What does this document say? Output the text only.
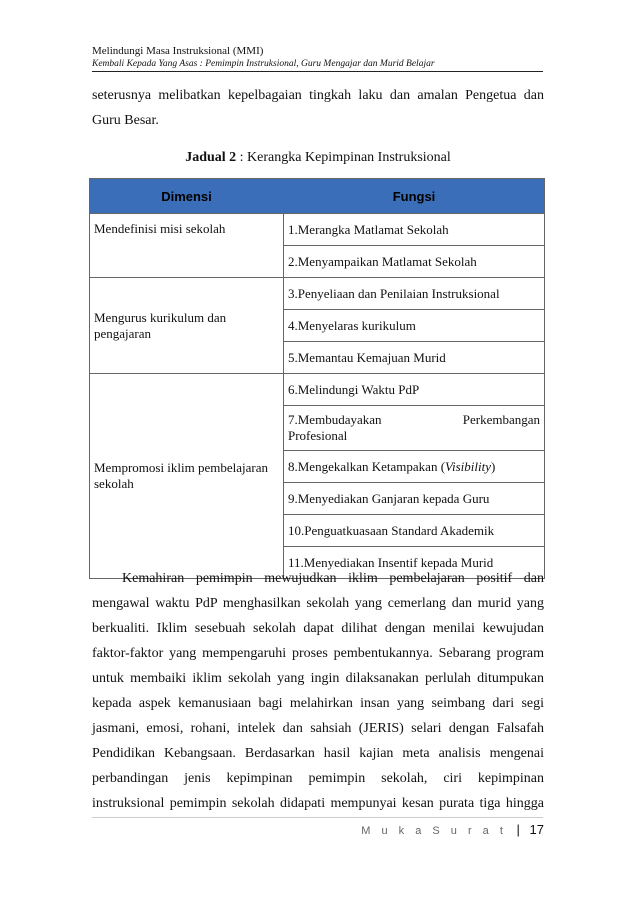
Melindungi Masa Instruksional (MMI)
Kembali Kepada Yang Asas : Pemimpin Instruksional, Guru Mengajar dan Murid Belajar
seterusnya melibatkan kepelbagaian tingkah laku dan amalan Pengetua dan
Guru Besar.
Jadual 2 : Kerangka Kepimpinan Instruksional
Dimensi	Fungsi
Mendefinisi misi sekolah	1.Merangka Matlamat Sekolah
	2.Menyampaikan Matlamat Sekolah
Mengurus kurikulum dan pengajaran	3.Penyeliaan dan Penilaian Instruksional
	4.Menyelaras kurikulum
	5.Memantau Kemajuan Murid
Mempromosi iklim pembelajaran sekolah	6.Melindungi Waktu PdP

	7.Membudayakan Perkembangan
Profesional

	8.Mengekalkan Ketampakan (Visibility)
	9.Menyediakan Ganjaran kepada Guru
	10.Penguatkuasaan Standard Akademik
	11.Menyediakan Insentif kepada Murid
Kemahiran pemimpin mewujudkan iklim pembelajaran positif dan
mengawal waktu PdP menghasilkan sekolah yang cemerlang dan murid yang
berkualiti. Iklim sesebuah sekolah dapat dilihat dengan menilai kewujudan
faktor-faktor yang mempengaruhi proses pembentukannya. Sebarang program
untuk membaiki iklim sekolah yang ingin dilaksanakan perlulah ditumpukan
kepada aspek kemanusiaan bagi melahirkan insan yang seimbang dari segi
jasmani, emosi, rohani, intelek dan sahsiah (JERIS) selari dengan Falsafah
Pendidikan Kebangsaan. Berdasarkan hasil kajian meta analisis mengenai
perbandingan jenis kepimpinan pemimpin sekolah, ciri kepimpinan
instruksional pemimpin sekolah didapati mempunyai kesan purata tiga hingga
M u k a S u r a t | 17
